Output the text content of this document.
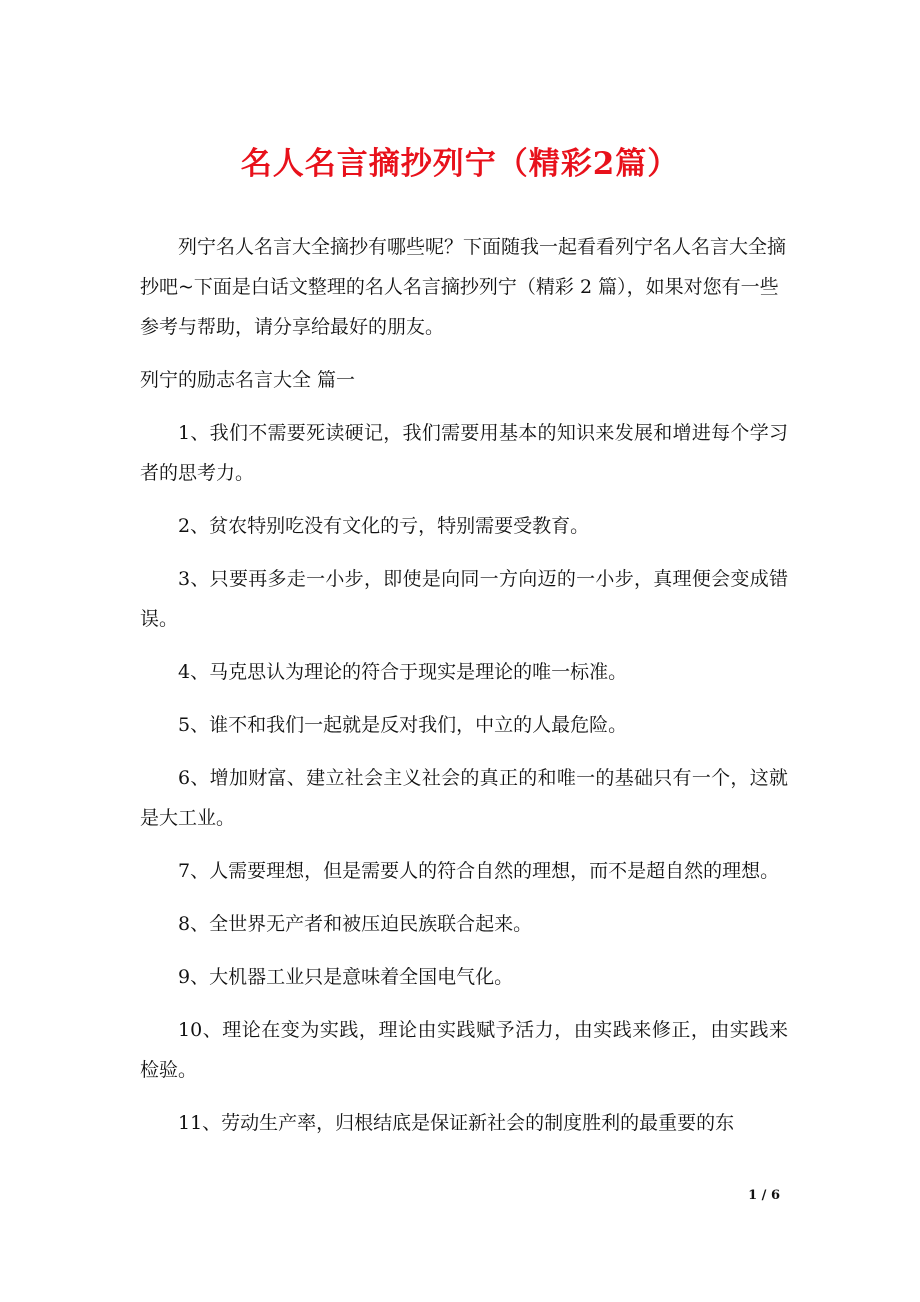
名人名言摘抄列宁（精彩2篇）

列宁名人名言大全摘抄有哪些呢？下面随我一起看看列宁名人名言大全摘抄吧~下面是白话文整理的名人名言摘抄列宁（精彩 2 篇），如果对您有一些参考与帮助，请分享给最好的朋友。

列宁的励志名言大全 篇一

1、我们不需要死读硬记，我们需要用基本的知识来发展和增进每个学习者的思考力。

2、贫农特别吃没有文化的亏，特别需要受教育。

3、只要再多走一小步，即使是向同一方向迈的一小步，真理便会变成错误。

4、马克思认为理论的符合于现实是理论的唯一标准。

5、谁不和我们一起就是反对我们，中立的人最危险。

6、增加财富、建立社会主义社会的真正的和唯一的基础只有一个，这就是大工业。

7、人需要理想，但是需要人的符合自然的理想，而不是超自然的理想。

8、全世界无产者和被压迫民族联合起来。

9、大机器工业只是意味着全国电气化。

10、理论在变为实践，理论由实践赋予活力，由实践来修正，由实践来检验。

11、劳动生产率，归根结底是保证新社会的制度胜利的最重要的东

1 / 6
